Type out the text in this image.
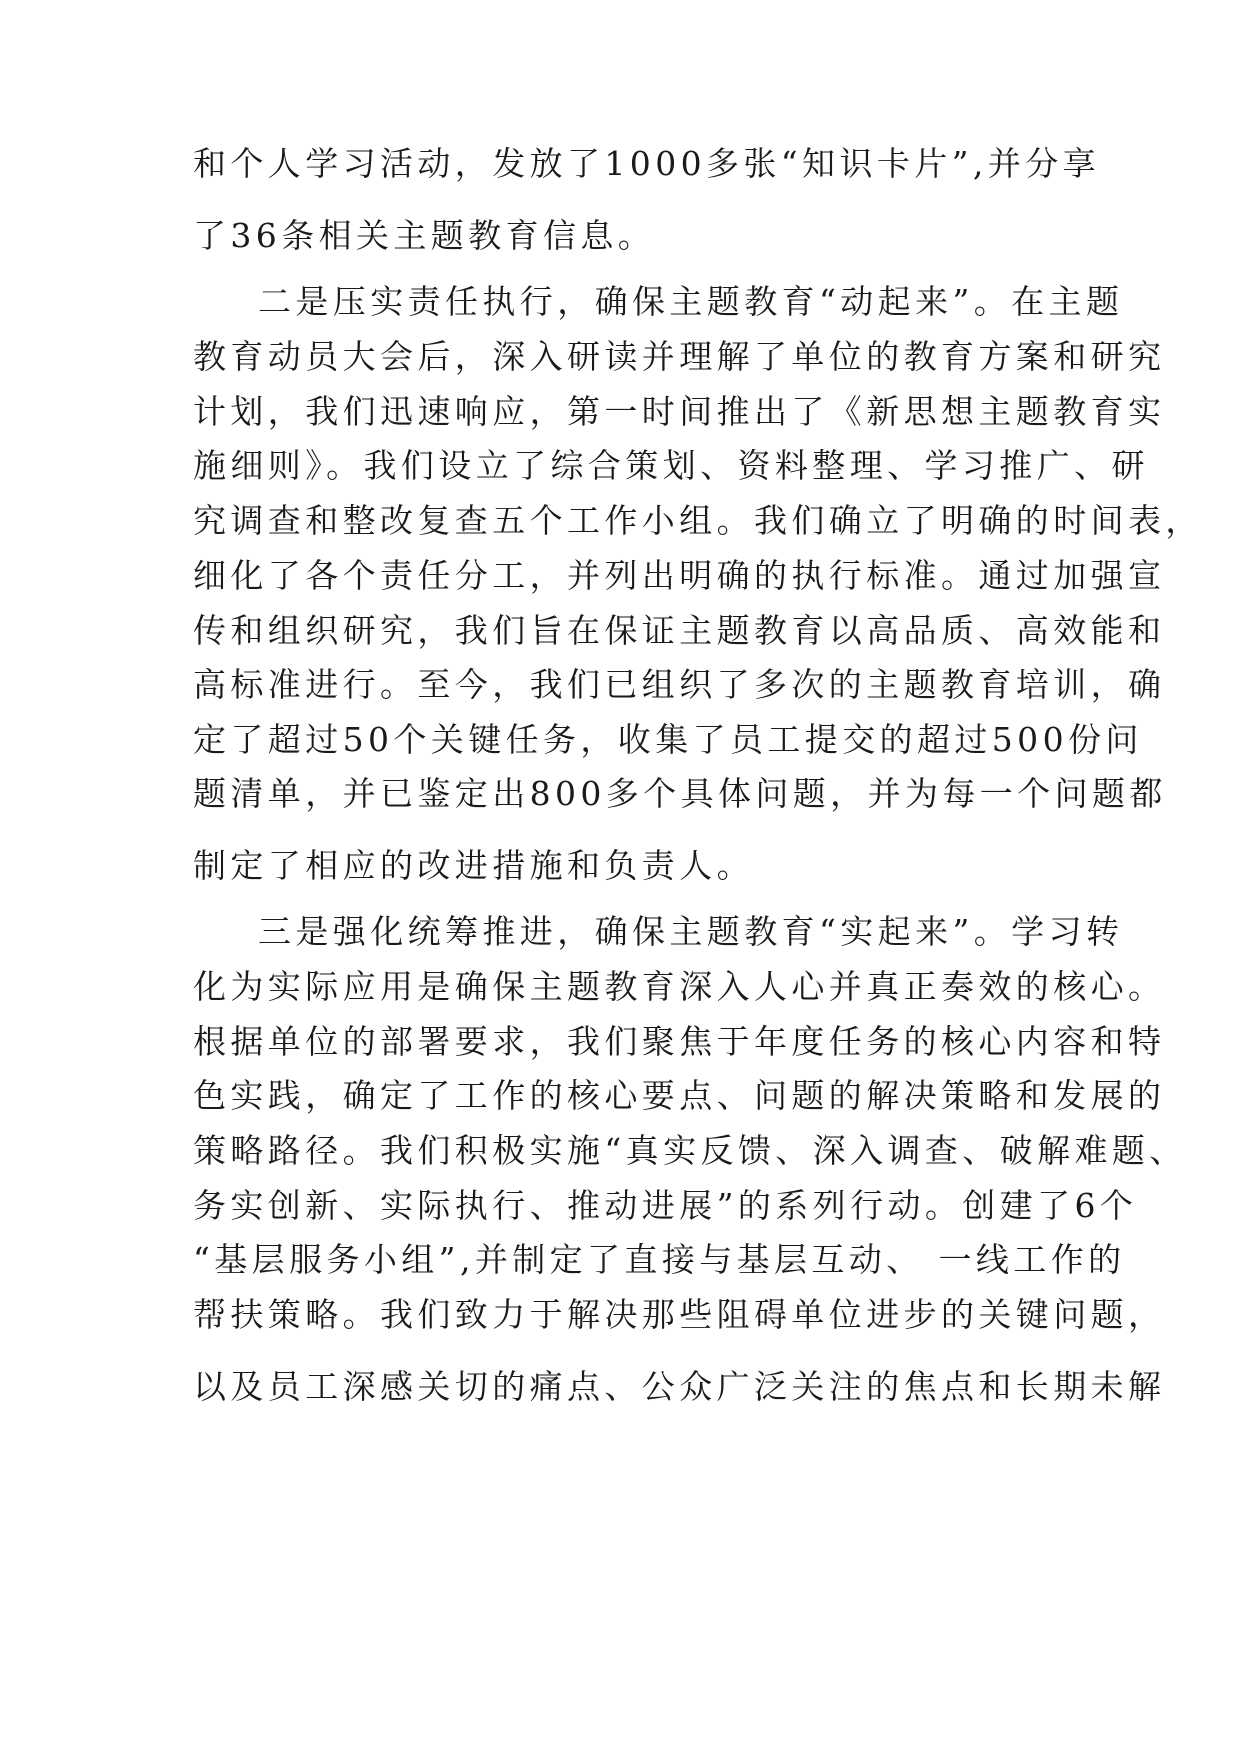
和个人学习活动，发放了1000多张“知识卡片”,并分享
了36条相关主题教育信息。
二是压实责任执行，确保主题教育“动起来”。在主题
教育动员大会后，深入研读并理解了单位的教育方案和研究
计划，我们迅速响应，第一时间推出了《新思想主题教育实
施细则》。我们设立了综合策划、资料整理、学习推广、研
究调查和整改复查五个工作小组。我们确立了明确的时间表，
细化了各个责任分工，并列出明确的执行标准。通过加强宣
传和组织研究，我们旨在保证主题教育以高品质、高效能和
高标准进行。至今，我们已组织了多次的主题教育培训，确
定了超过50个关键任务，收集了员工提交的超过500份问
题清单，并已鉴定出800多个具体问题，并为每一个问题都
制定了相应的改进措施和负责人。
三是强化统筹推进，确保主题教育“实起来”。学习转
化为实际应用是确保主题教育深入人心并真正奏效的核心。
根据单位的部署要求，我们聚焦于年度任务的核心内容和特
色实践，确定了工作的核心要点、问题的解决策略和发展的
策略路径。我们积极实施“真实反馈、深入调查、破解难题、
务实创新、实际执行、推动进展”的系列行动。创建了6个
“基层服务小组”,并制定了直接与基层互动、 一线工作的
帮扶策略。我们致力于解决那些阻碍单位进步的关键问题，
以及员工深感关切的痛点、公众广泛关注的焦点和长期未解
